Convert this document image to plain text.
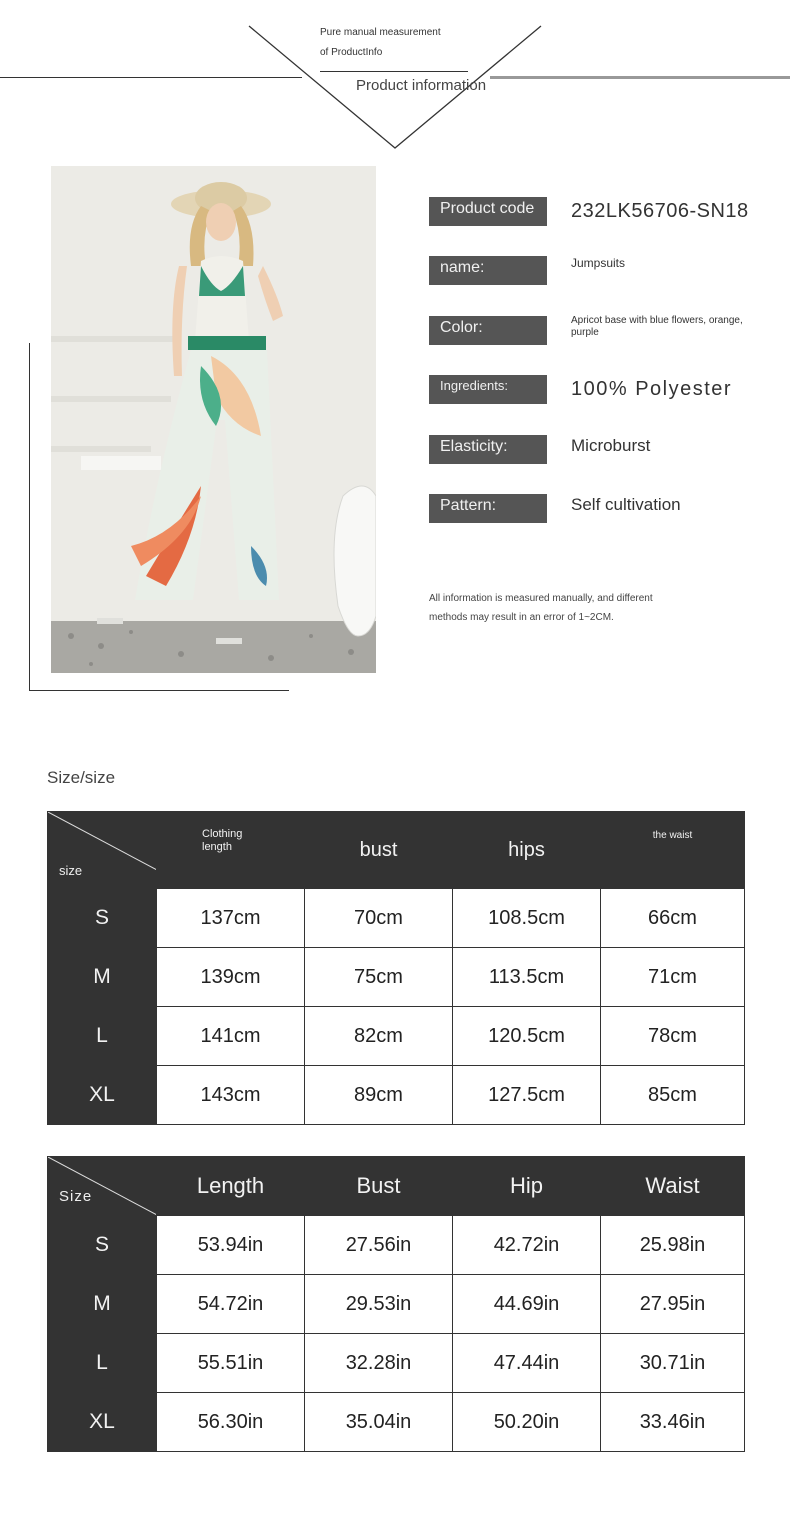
Pure manual measurement
of ProductInfo
Product information
Product code	232LK56706-SN18
name:	Jumpsuits
Color:	Apricot base with blue flowers, orange, purple
Ingredients:	100% Polyester
Elasticity:	Microburst
Pattern:	Self cultivation
All information is measured manually, and different
methods may result in an error of 1~2CM.
Size/size
size	Clothing length	bust	hips	the waist
S	137cm	70cm	108.5cm	66cm
M	139cm	75cm	113.5cm	71cm
L	141cm	82cm	120.5cm	78cm
XL	143cm	89cm	127.5cm	85cm
Size	Length	Bust	Hip	Waist
S	53.94in	27.56in	42.72in	25.98in
M	54.72in	29.53in	44.69in	27.95in
L	55.51in	32.28in	47.44in	30.71in
XL	56.30in	35.04in	50.20in	33.46in
